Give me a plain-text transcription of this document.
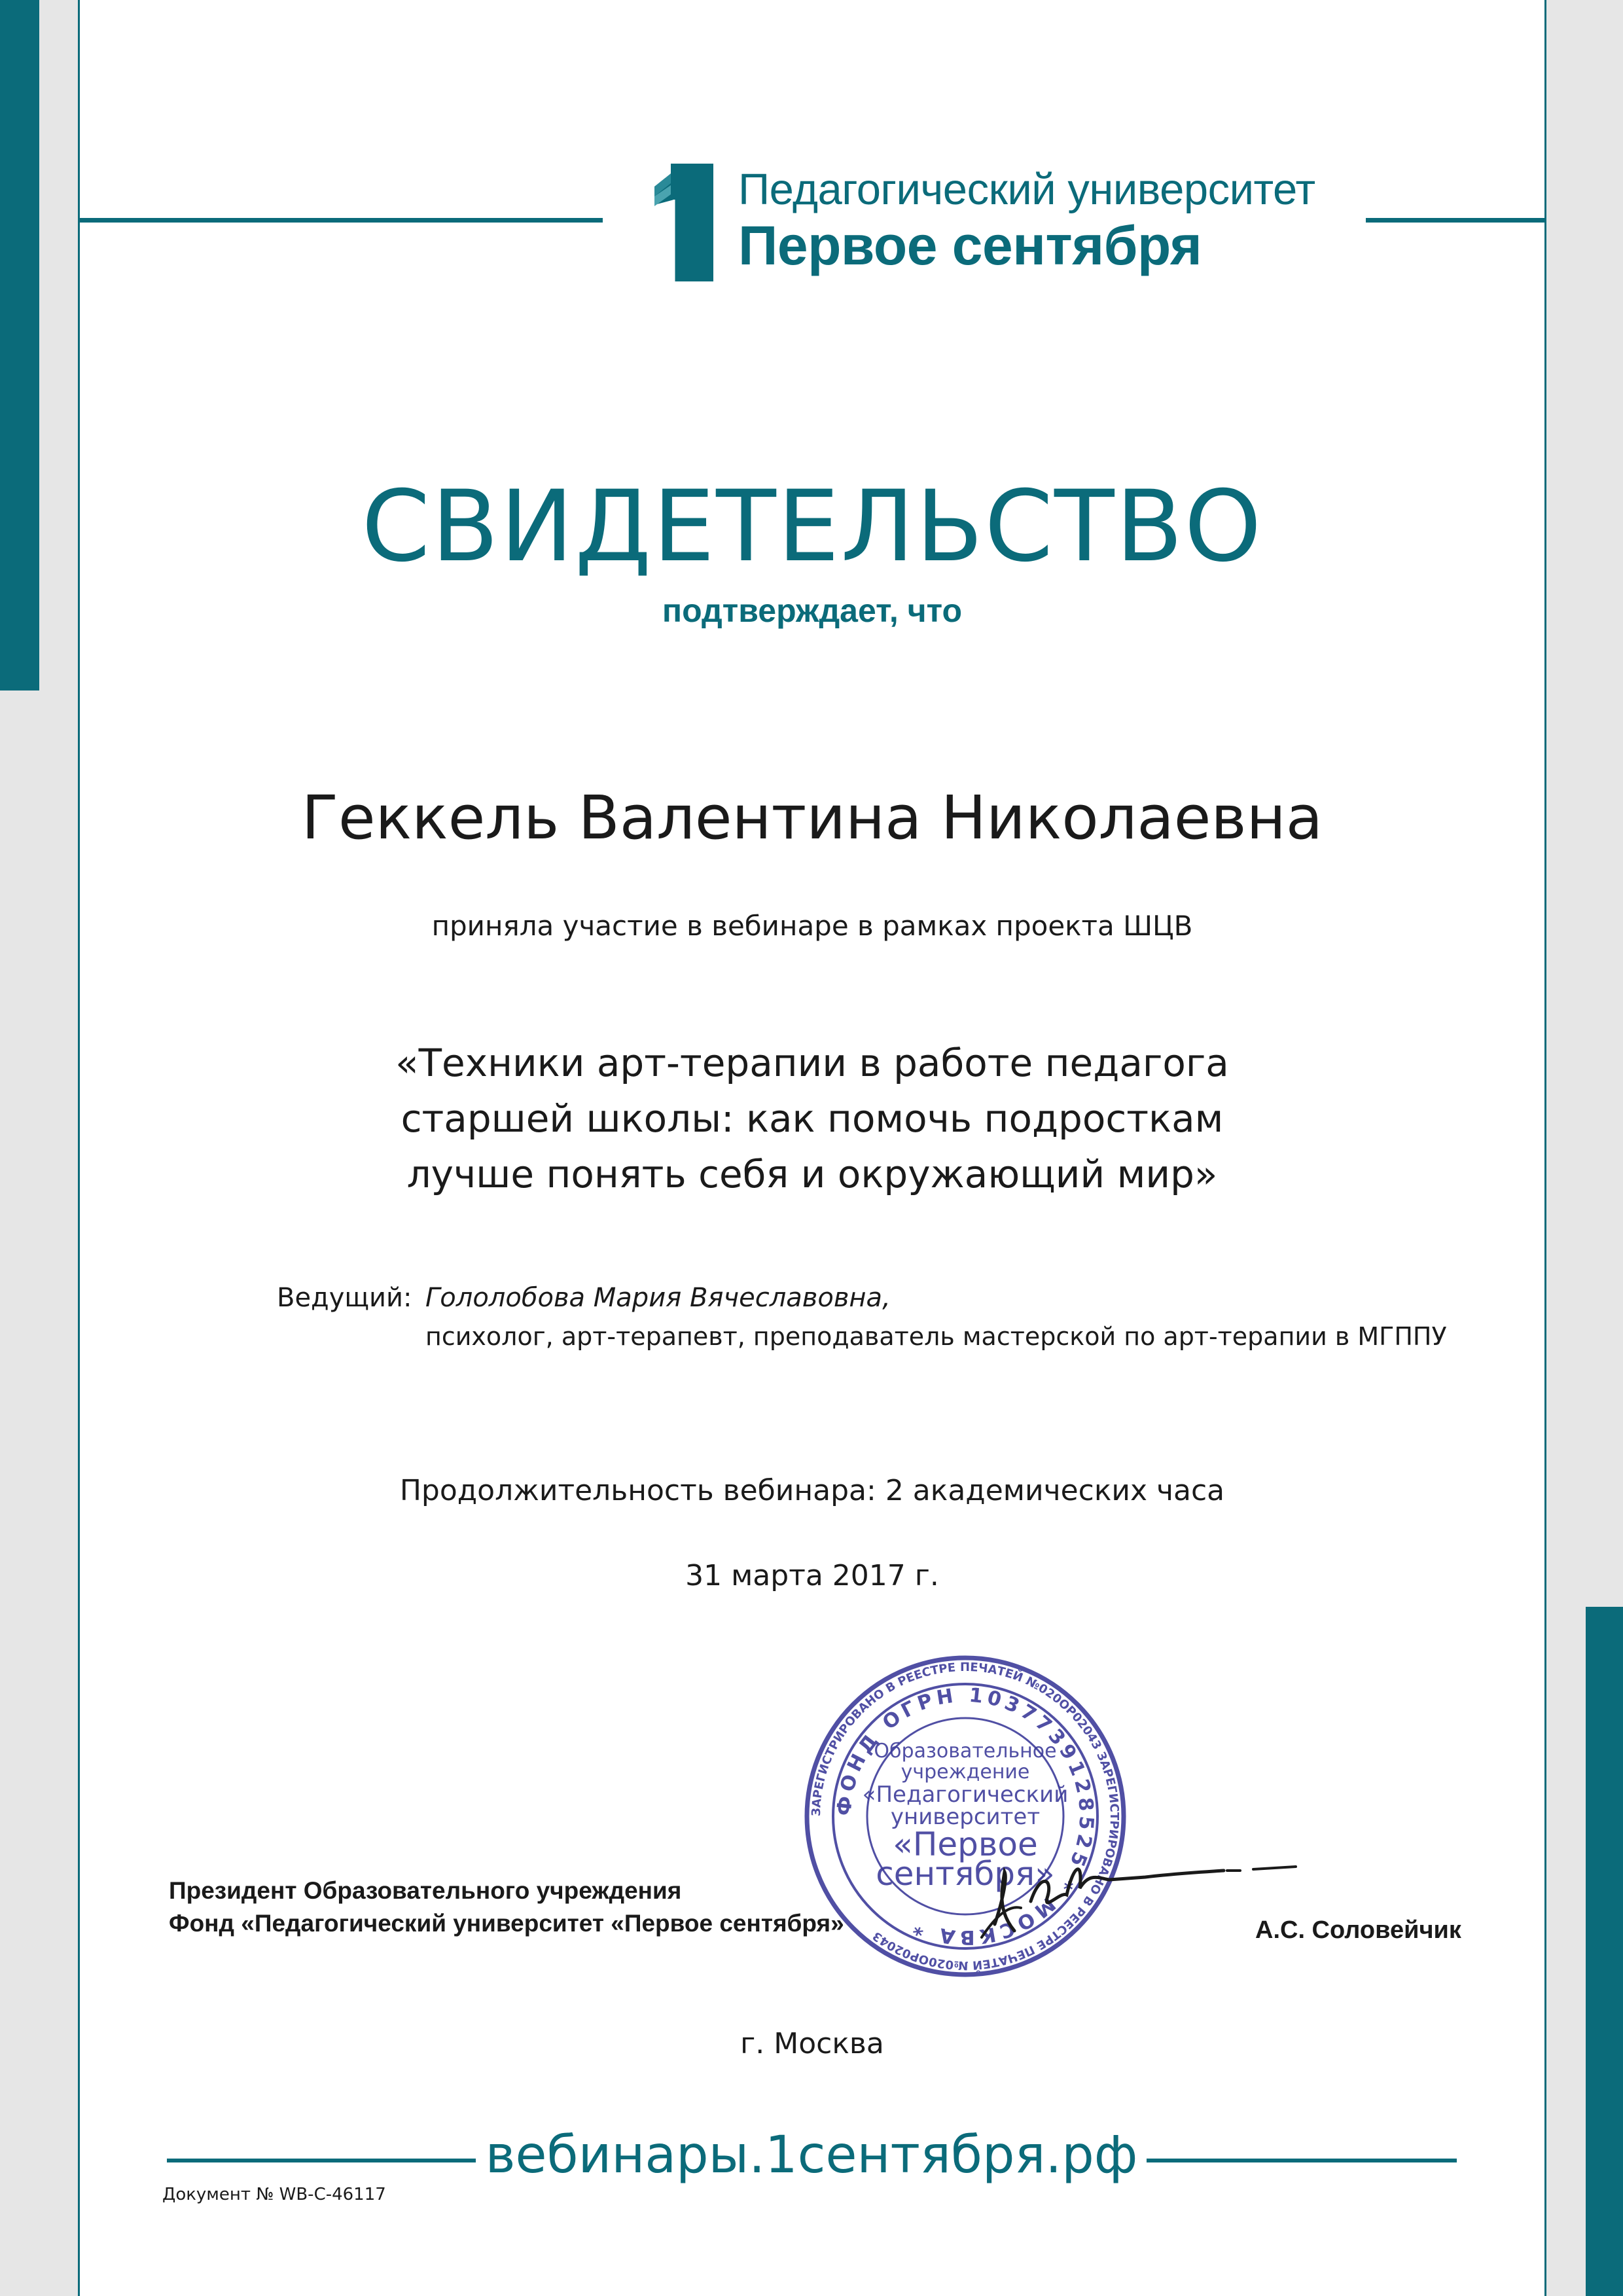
Педагогический университет
Первое сентября
СВИДЕТЕЛЬСТВО
подтверждает, что
Геккель Валентина Николаевна
приняла участие в вебинаре в рамках проекта ШЦВ
«Техники арт-терапии в работе педагога
старшей школы: как помочь подросткам
лучше понять себя и окружающий мир»
Ведущий: Гололобова Мария Вячеславовна,
психолог, арт-терапевт, преподаватель мастерской по арт-терапии в МГППУ
Продолжительность вебинара: 2 академических часа
31 марта 2017 г.
Президент Образовательного учреждения
Фонд «Педагогический университет «Первое сентября»	А.С. Соловейчик
ЗАРЕГИСТРИРОВАНО В РЕЕСТРЕ ПЕЧАТЕЙ №020ОР02043 ЗАРЕГИСТРИРОВАНО В РЕЕСТРЕ ПЕЧАТЕЙ №020ОР02043
ФОНД ОГРН 1037739128525 * МОСКВА *
Образовательное
учреждение
«Педагогический
университет
«Первое
сентября»
г. Москва
вебинары.1сентября.рф
Документ № WB-С-46117
